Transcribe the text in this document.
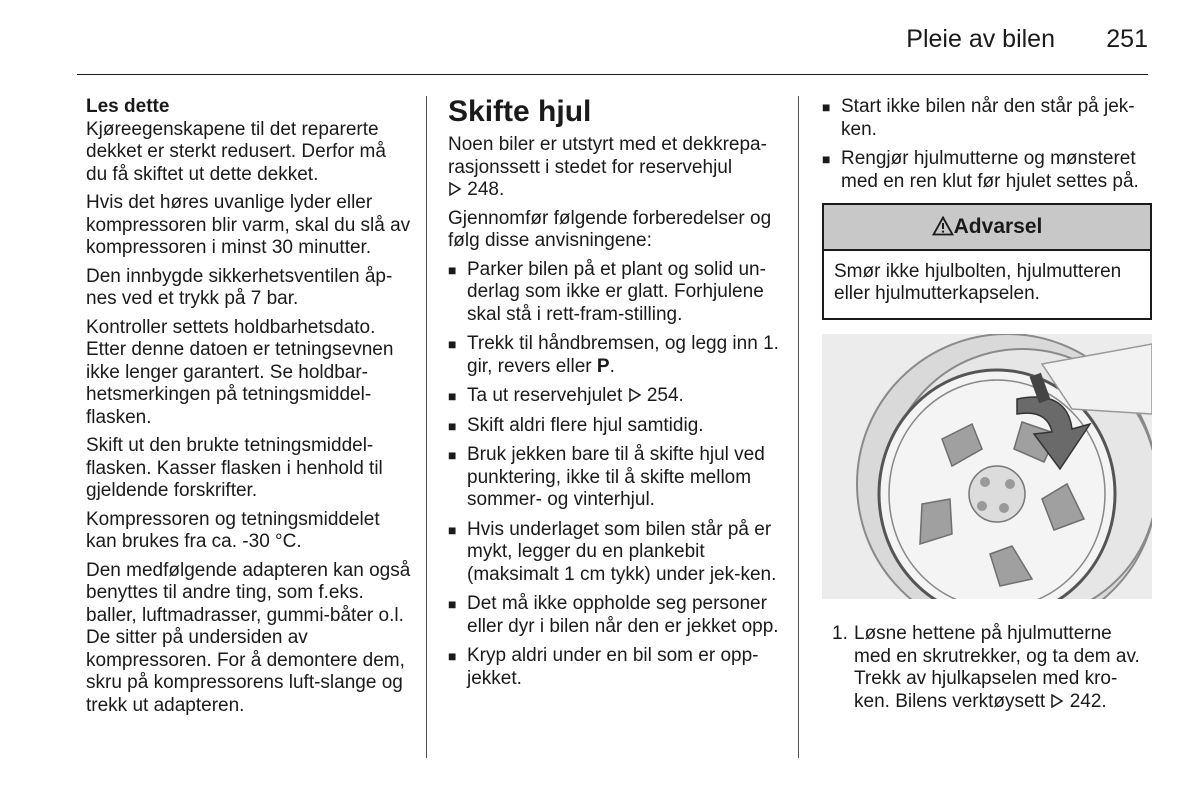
Pleie av bilen 251

Les dette
Kjøreegenskapene til det reparerte dekket er sterkt redusert. Derfor må du få skiftet ut dette dekket.

Hvis det høres uvanlige lyder eller kompressoren blir varm, skal du slå av kompressoren i minst 30 minutter.

Den innbygde sikkerhetsventilen åp-nes ved et trykk på 7 bar.

Kontroller settets holdbarhetsdato. Etter denne datoen er tetningsevnen ikke lenger garantert. Se holdbar-hetsmerkingen på tetningsmiddel-flasken.

Skift ut den brukte tetningsmiddel-flasken. Kasser flasken i henhold til gjeldende forskrifter.

Kompressoren og tetningsmiddelet kan brukes fra ca. -30 °C.

Den medfølgende adapteren kan også benyttes til andre ting, som f.eks. baller, luftmadrasser, gummi-båter o.l. De sitter på undersiden av kompressoren. For å demontere dem, skru på kompressorens luft-slange og trekk ut adapteren.

Skifte hjul

Noen biler er utstyrt med et dekkrepa-rasjonssett i stedet for reservehjul
248.

Gjennomfør følgende forberedelser og følg disse anvisningene:

■ Parker bilen på et plant og solid un-derlag som ikke er glatt. Forhjulene skal stå i rett-fram-stilling.
■ Trekk til håndbremsen, og legg inn 1. gir, revers eller P.
■ Ta ut reservehjulet 254.
■ Skift aldri flere hjul samtidig.
■ Bruk jekken bare til å skifte hjul ved punktering, ikke til å skifte mellom sommer- og vinterhjul.
■ Hvis underlaget som bilen står på er mykt, legger du en plankebit (maksimalt 1 cm tykk) under jek-ken.
■ Det må ikke oppholde seg personer eller dyr i bilen når den er jekket opp.
■ Kryp aldri under en bil som er opp-jekket.
■ Start ikke bilen når den står på jek-ken.
■ Rengjør hjulmutterne og mønsteret med en ren klut før hjulet settes på.
Advarsel
Smør ikke hjulbolten, hjulmutteren eller hjulmutterkapselen.
1. Løsne hettene på hjulmutterne med en skrutrekker, og ta dem av. Trekk av hjulkapselen med kro-ken. Bilens verktøysett 242.
